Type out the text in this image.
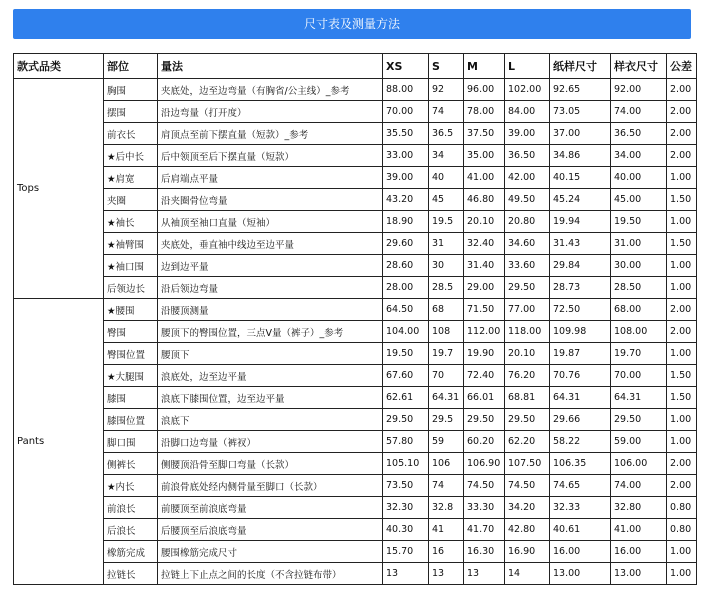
尺寸表及测量方法
款式品类	部位	量法	XS	S	M	L	纸样尺寸	样衣尺寸	公差
Tops	胸围	夹底处，边至边弯量（有胸省/公主线）_参考	88.00	92	96.00	102.00	92.65	92.00	2.00
	摆围	沿边弯量（打开度）	70.00	74	78.00	84.00	73.05	74.00	2.00
	前衣长	肩顶点至前下摆直量（短款）_参考	35.50	36.5	37.50	39.00	37.00	36.50	2.00
	★后中长	后中领顶至后下摆直量（短款）	33.00	34	35.00	36.50	34.86	34.00	2.00
	★肩宽	后肩端点平量	39.00	40	41.00	42.00	40.15	40.00	1.00
	夹圈	沿夹圈骨位弯量	43.20	45	46.80	49.50	45.24	45.00	1.50
	★袖长	从袖顶至袖口直量（短袖）	18.90	19.5	20.10	20.80	19.94	19.50	1.00
	★袖臂围	夹底处，垂直袖中线边至边平量	29.60	31	32.40	34.60	31.43	31.00	1.50
	★袖口围	边到边平量	28.60	30	31.40	33.60	29.84	30.00	1.00
	后领边长	沿后领边弯量	28.00	28.5	29.00	29.50	28.73	28.50	1.00
Pants	★腰围	沿腰顶测量	64.50	68	71.50	77.00	72.50	68.00	2.00
	臀围	腰顶下的臀围位置，三点V量（裤子）_参考	104.00	108	112.00	118.00	109.98	108.00	2.00
	臀围位置	腰顶下	19.50	19.7	19.90	20.10	19.87	19.70	1.00
	★大腿围	浪底处，边至边平量	67.60	70	72.40	76.20	70.76	70.00	1.50
	膝围	浪底下膝围位置，边至边平量	62.61	64.31	66.01	68.81	64.31	64.31	1.50
	膝围位置	浪底下	29.50	29.5	29.50	29.50	29.66	29.50	1.00
	脚口围	沿脚口边弯量（裤衩）	57.80	59	60.20	62.20	58.22	59.00	1.00
	侧裤长	侧腰顶沿骨至脚口弯量（长款）	105.10	106	106.90	107.50	106.35	106.00	2.00
	★内长	前浪骨底处经内侧骨量至脚口（长款）	73.50	74	74.50	74.50	74.65	74.00	2.00
	前浪长	前腰顶至前浪底弯量	32.30	32.8	33.30	34.20	32.33	32.80	0.80
	后浪长	后腰顶至后浪底弯量	40.30	41	41.70	42.80	40.61	41.00	0.80
	橡筋完成	腰围橡筋完成尺寸	15.70	16	16.30	16.90	16.00	16.00	1.00
	拉链长	拉链上下止点之间的长度（不含拉链布带）	13	13	13	14	13.00	13.00	1.00
